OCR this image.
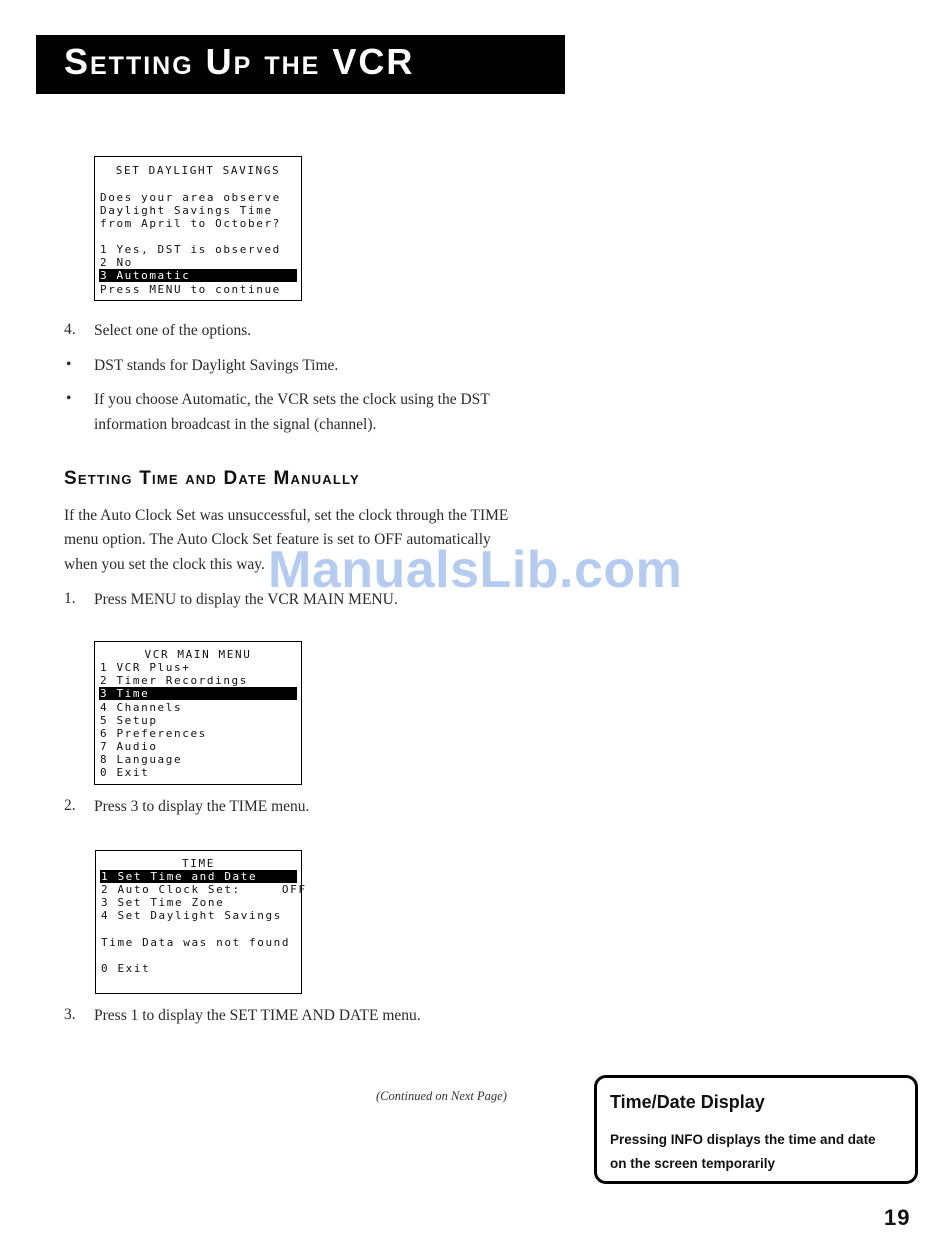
Setting Up the VCR
SET DAYLIGHT SAVINGS
Does your area observe
Daylight Savings Time
from April to October?
1 Yes, DST is observed
2 No
3 Automatic
Press MENU to continue
4. Select one of the options.
• DST stands for Daylight Savings Time.
• If you choose Automatic, the VCR sets the clock using the DST
information broadcast in the signal (channel).
Setting Time and Date Manually
If the Auto Clock Set was unsuccessful, set the clock through the TIME
menu option. The Auto Clock Set feature is set to OFF automatically
when you set the clock this way. ManualsLib.com
1. Press MENU to display the VCR MAIN MENU.
VCR MAIN MENU
1 VCR Plus+
2 Timer Recordings
3 Time
4 Channels
5 Setup
6 Preferences
7 Audio
8 Language
0 Exit
2. Press 3 to display the TIME menu.
TIME
1 Set Time and Date
2 Auto Clock Set:     OFF
3 Set Time Zone
4 Set Daylight Savings
Time Data was not found
0 Exit
3. Press 1 to display the SET TIME AND DATE menu.
(Continued on Next Page)	Time/Date Display
Pressing INFO displays the time and date
on the screen temporarily
19
